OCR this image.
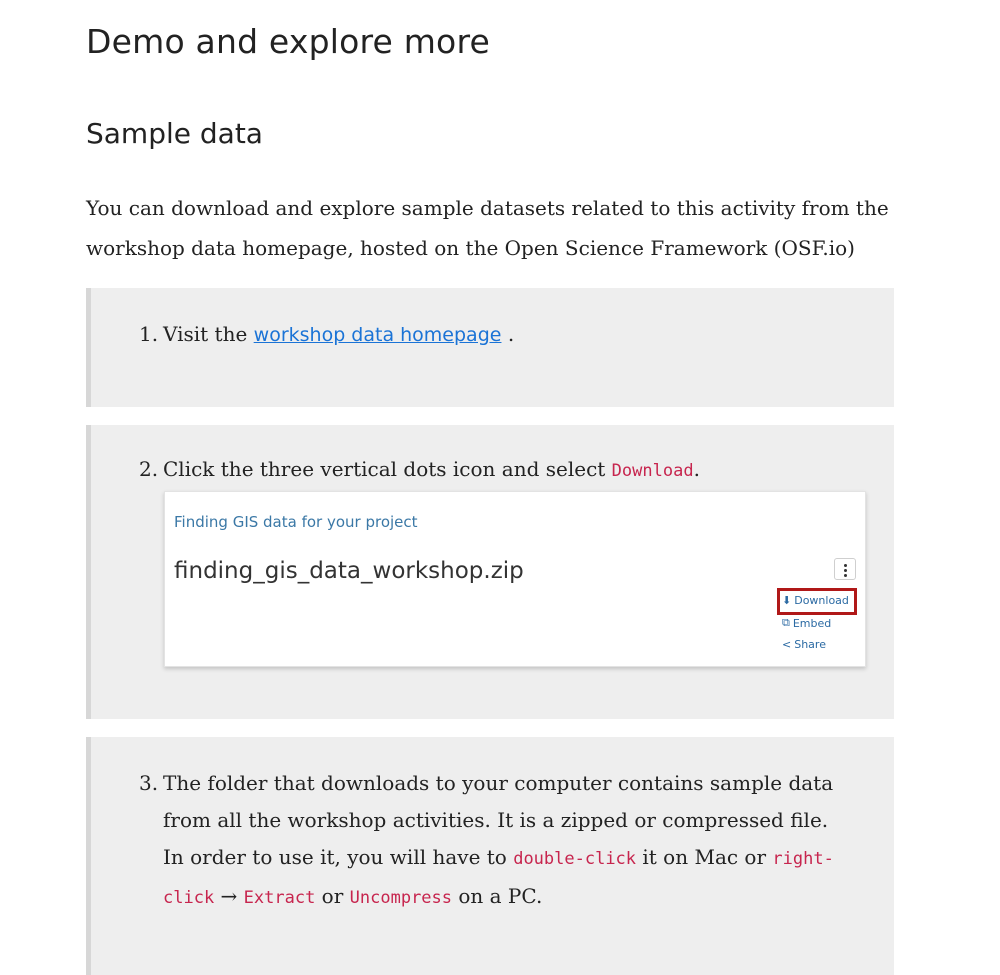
Demo and explore more
Sample data

You can download and explore sample datasets related to this activity from the workshop data homepage, hosted on the Open Science Framework (OSF.io)

1. Visit the workshop data homepage .
2. Click the three vertical dots icon and select Download.
Finding GIS data for your project
finding_gis_data_workshop.zip
⬇ Download
⧉ Embed
< Share
3. The folder that downloads to your computer contains sample data from all the workshop activities. It is a zipped or compressed file. In order to use it, you will have to double-click it on Mac or right-click → Extract or Uncompress on a PC.
